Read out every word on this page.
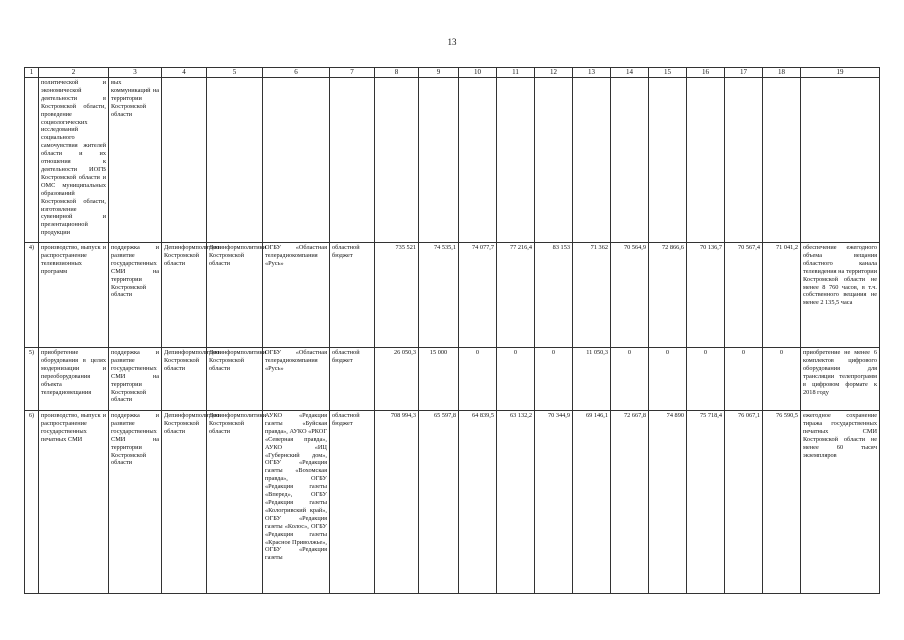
13
1	2	3	4	5	6	7	8	9	10	11	12	13	14	15	16	17	18	19
	политической и экономической деятельности в Костромской области, проведение социологических исследований социального самочувствия жителей области и их отношения к деятельности ИОГВ Костромской области и ОМС муниципальных образований Костромской области, изготовление сувенирной и презентационной продукции	вых коммуникаций на территории Костромской области																
4)	производство, выпуск и распространение телевизионных программ	поддержка и развитие государственных СМИ на территории Костромской области	Депинформполитики Костромской области	Депинформполитики Костромской области	ОГБУ «Областная телерадиокомпания «Русь»	областной бюджет	735 521	74 535,1	74 077,7	77 216,4	83 153	71 362	70 564,9	72 866,6	70 136,7	70 567,4	71 041,2	обеспечение ежегодного объема вещания областного канала телевидения на территории Костромской области не менее 8 760 часов, в т.ч. собственного вещания не менее 2 135,5 часа
5)	приобретение оборудования в целях модернизации и переоборудования объекта телерадиовещания	поддержка и развитие государственных СМИ на территории Костромской области	Депинформполитики Костромской области	Депинформполитики Костромской области	ОГБУ «Областная телерадиокомпания «Русь»	областной бюджет	26 050,3	15 000	0	0	0	11 050,3	0	0	0	0	0	приобретение не менее 6 комплектов цифрового оборудования для трансляции телепрограмм в цифровом формате к 2018 году
6)	производство, выпуск и распространение государственных печатных СМИ	поддержка и развитие государственных СМИ на территории Костромской области	Депинформполитики Костромской области	Депинформполитики Костромской области	АУКО «Редакция газеты «Буйская правда», АУКО «РКОГ «Северная правда», АУКО «ИЦ «Губернский дом», ОГБУ «Редакция газеты «Вохомская правда», ОГБУ «Редакция газеты «Вперед», ОГБУ «Редакция газеты «Кологривский край», ОГБУ «Редакция газеты «Колос», ОГБУ «Редакция газеты «Красное Приволжье», ОГБУ «Редакция газеты	областной бюджет	708 994,3	65 597,8	64 839,5	63 132,2	70 344,9	69 146,1	72 667,8	74 890	75 718,4	76 067,1	76 590,5	ежегодное сохранение тиража государственных печатных СМИ Костромской области не менее 60 тысяч экземпляров
